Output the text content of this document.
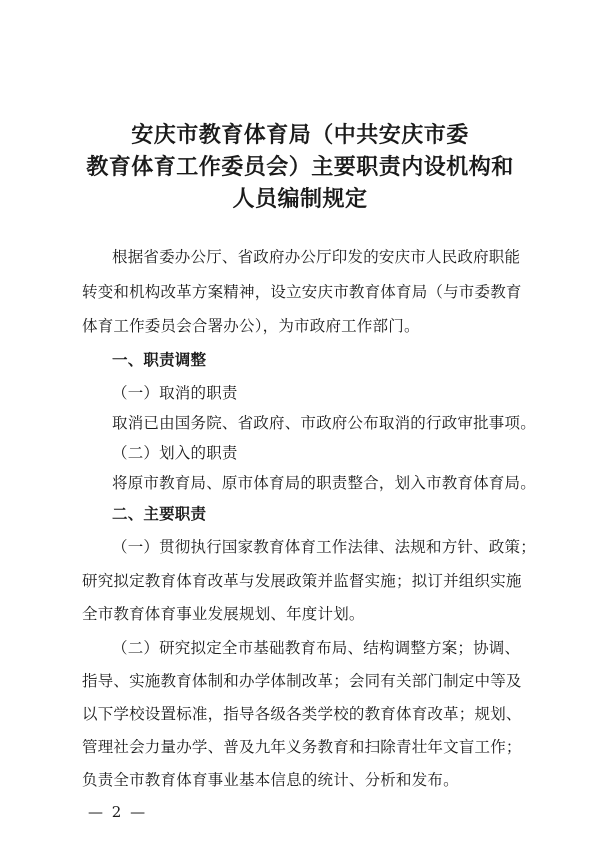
安庆市教育体育局（中共安庆市委
教育体育工作委员会）主要职责内设机构和
人员编制规定
根据省委办公厅、省政府办公厅印发的安庆市人民政府职能
转变和机构改革方案精神，设立安庆市教育体育局（与市委教育
体育工作委员会合署办公），为市政府工作部门。
一、职责调整
（一）取消的职责
取消已由国务院、省政府、市政府公布取消的行政审批事项。
（二）划入的职责
将原市教育局、原市体育局的职责整合，划入市教育体育局。
二、主要职责
（一）贯彻执行国家教育体育工作法律、法规和方针、政策；
研究拟定教育体育改革与发展政策并监督实施；拟订并组织实施
全市教育体育事业发展规划、年度计划。
（二）研究拟定全市基础教育布局、结构调整方案；协调、
指导、实施教育体制和办学体制改革；会同有关部门制定中等及
以下学校设置标准，指导各级各类学校的教育体育改革；规划、
管理社会力量办学、普及九年义务教育和扫除青壮年文盲工作；
负责全市教育体育事业基本信息的统计、分析和发布。
— 2 —
